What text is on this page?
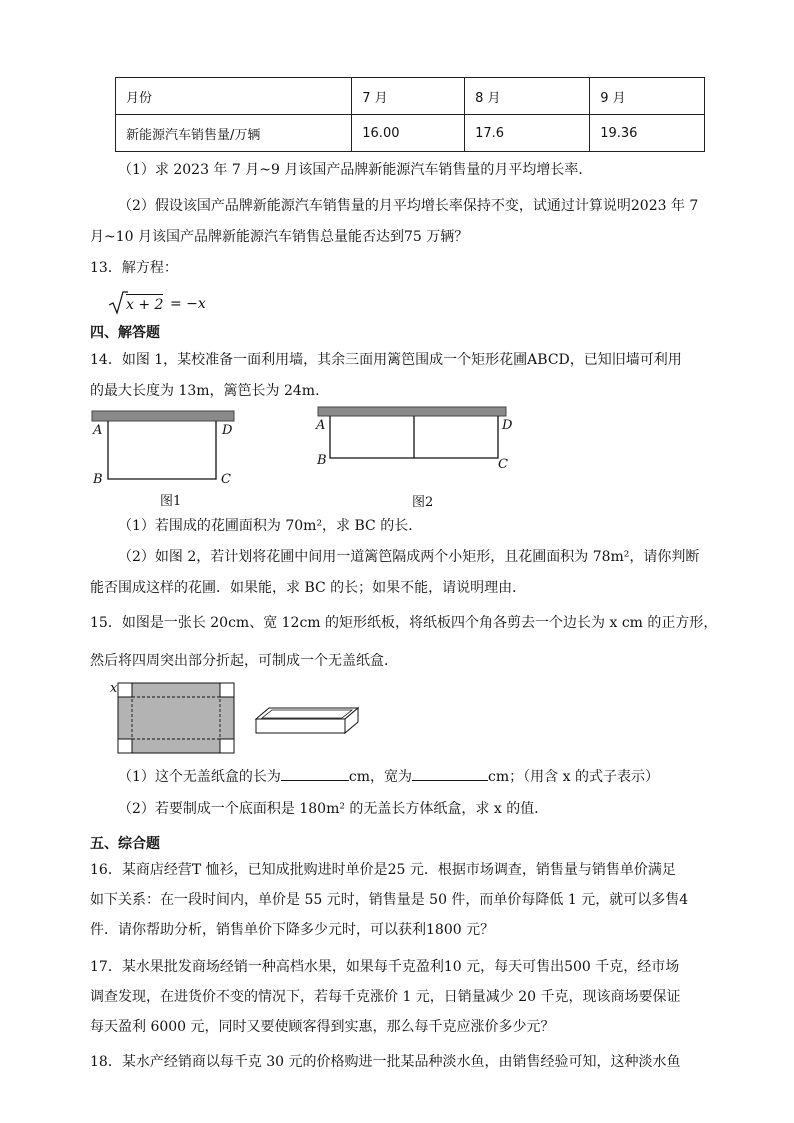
月份	7 月	8 月	9 月
新能源汽车销售量/万辆	16.00	17.6	19.36
（1）求 2023 年 7 月~9 月该国产品牌新能源汽车销售量的月平均增长率．
（2）假设该国产品牌新能源汽车销售量的月平均增长率保持不变，试通过计算说明2023 年 7
月~10 月该国产品牌新能源汽车销售总量能否达到75 万辆？
13．解方程：
x + 2 = −x
四、解答题
14．如图 1，某校准备一面利用墙，其余三面用篱笆围成一个矩形花圃ABCD，已知旧墙可利用
的最大长度为 13m，篱笆长为 24m.
A	D
B	C
图1
A	D
B	C
图2
（1）若围成的花圃面积为 70m²，求 BC 的长．
（2）如图 2，若计划将花圃中间用一道篱笆隔成两个小矩形，且花圃面积为 78m²，请你判断
能否围成这样的花圃．如果能，求 BC 的长；如果不能，请说明理由．
15．如图是一张长 20cm、宽 12cm 的矩形纸板，将纸板四个角各剪去一个边长为 x cm 的正方形，
然后将四周突出部分折起，可制成一个无盖纸盒．
x
（1）这个无盖纸盒的长为	cm，宽为	cm；（用含 x 的式子表示）
（2）若要制成一个底面积是 180m² 的无盖长方体纸盒，求 x 的值．
五、综合题
16．某商店经营T 恤衫，已知成批购进时单价是25 元．根据市场调查，销售量与销售单价满足
如下关系：在一段时间内，单价是 55 元时，销售量是 50 件，而单价每降低 1 元，就可以多售4
件．请你帮助分析，销售单价下降多少元时，可以获利1800 元？
17．某水果批发商场经销一种高档水果，如果每千克盈利10 元，每天可售出500 千克，经市场
调查发现，在进货价不变的情况下，若每千克涨价 1 元，日销量减少 20 千克，现该商场要保证
每天盈利 6000 元，同时又要使顾客得到实惠，那么每千克应涨价多少元？
18．某水产经销商以每千克 30 元的价格购进一批某品种淡水鱼，由销售经验可知，这种淡水鱼
